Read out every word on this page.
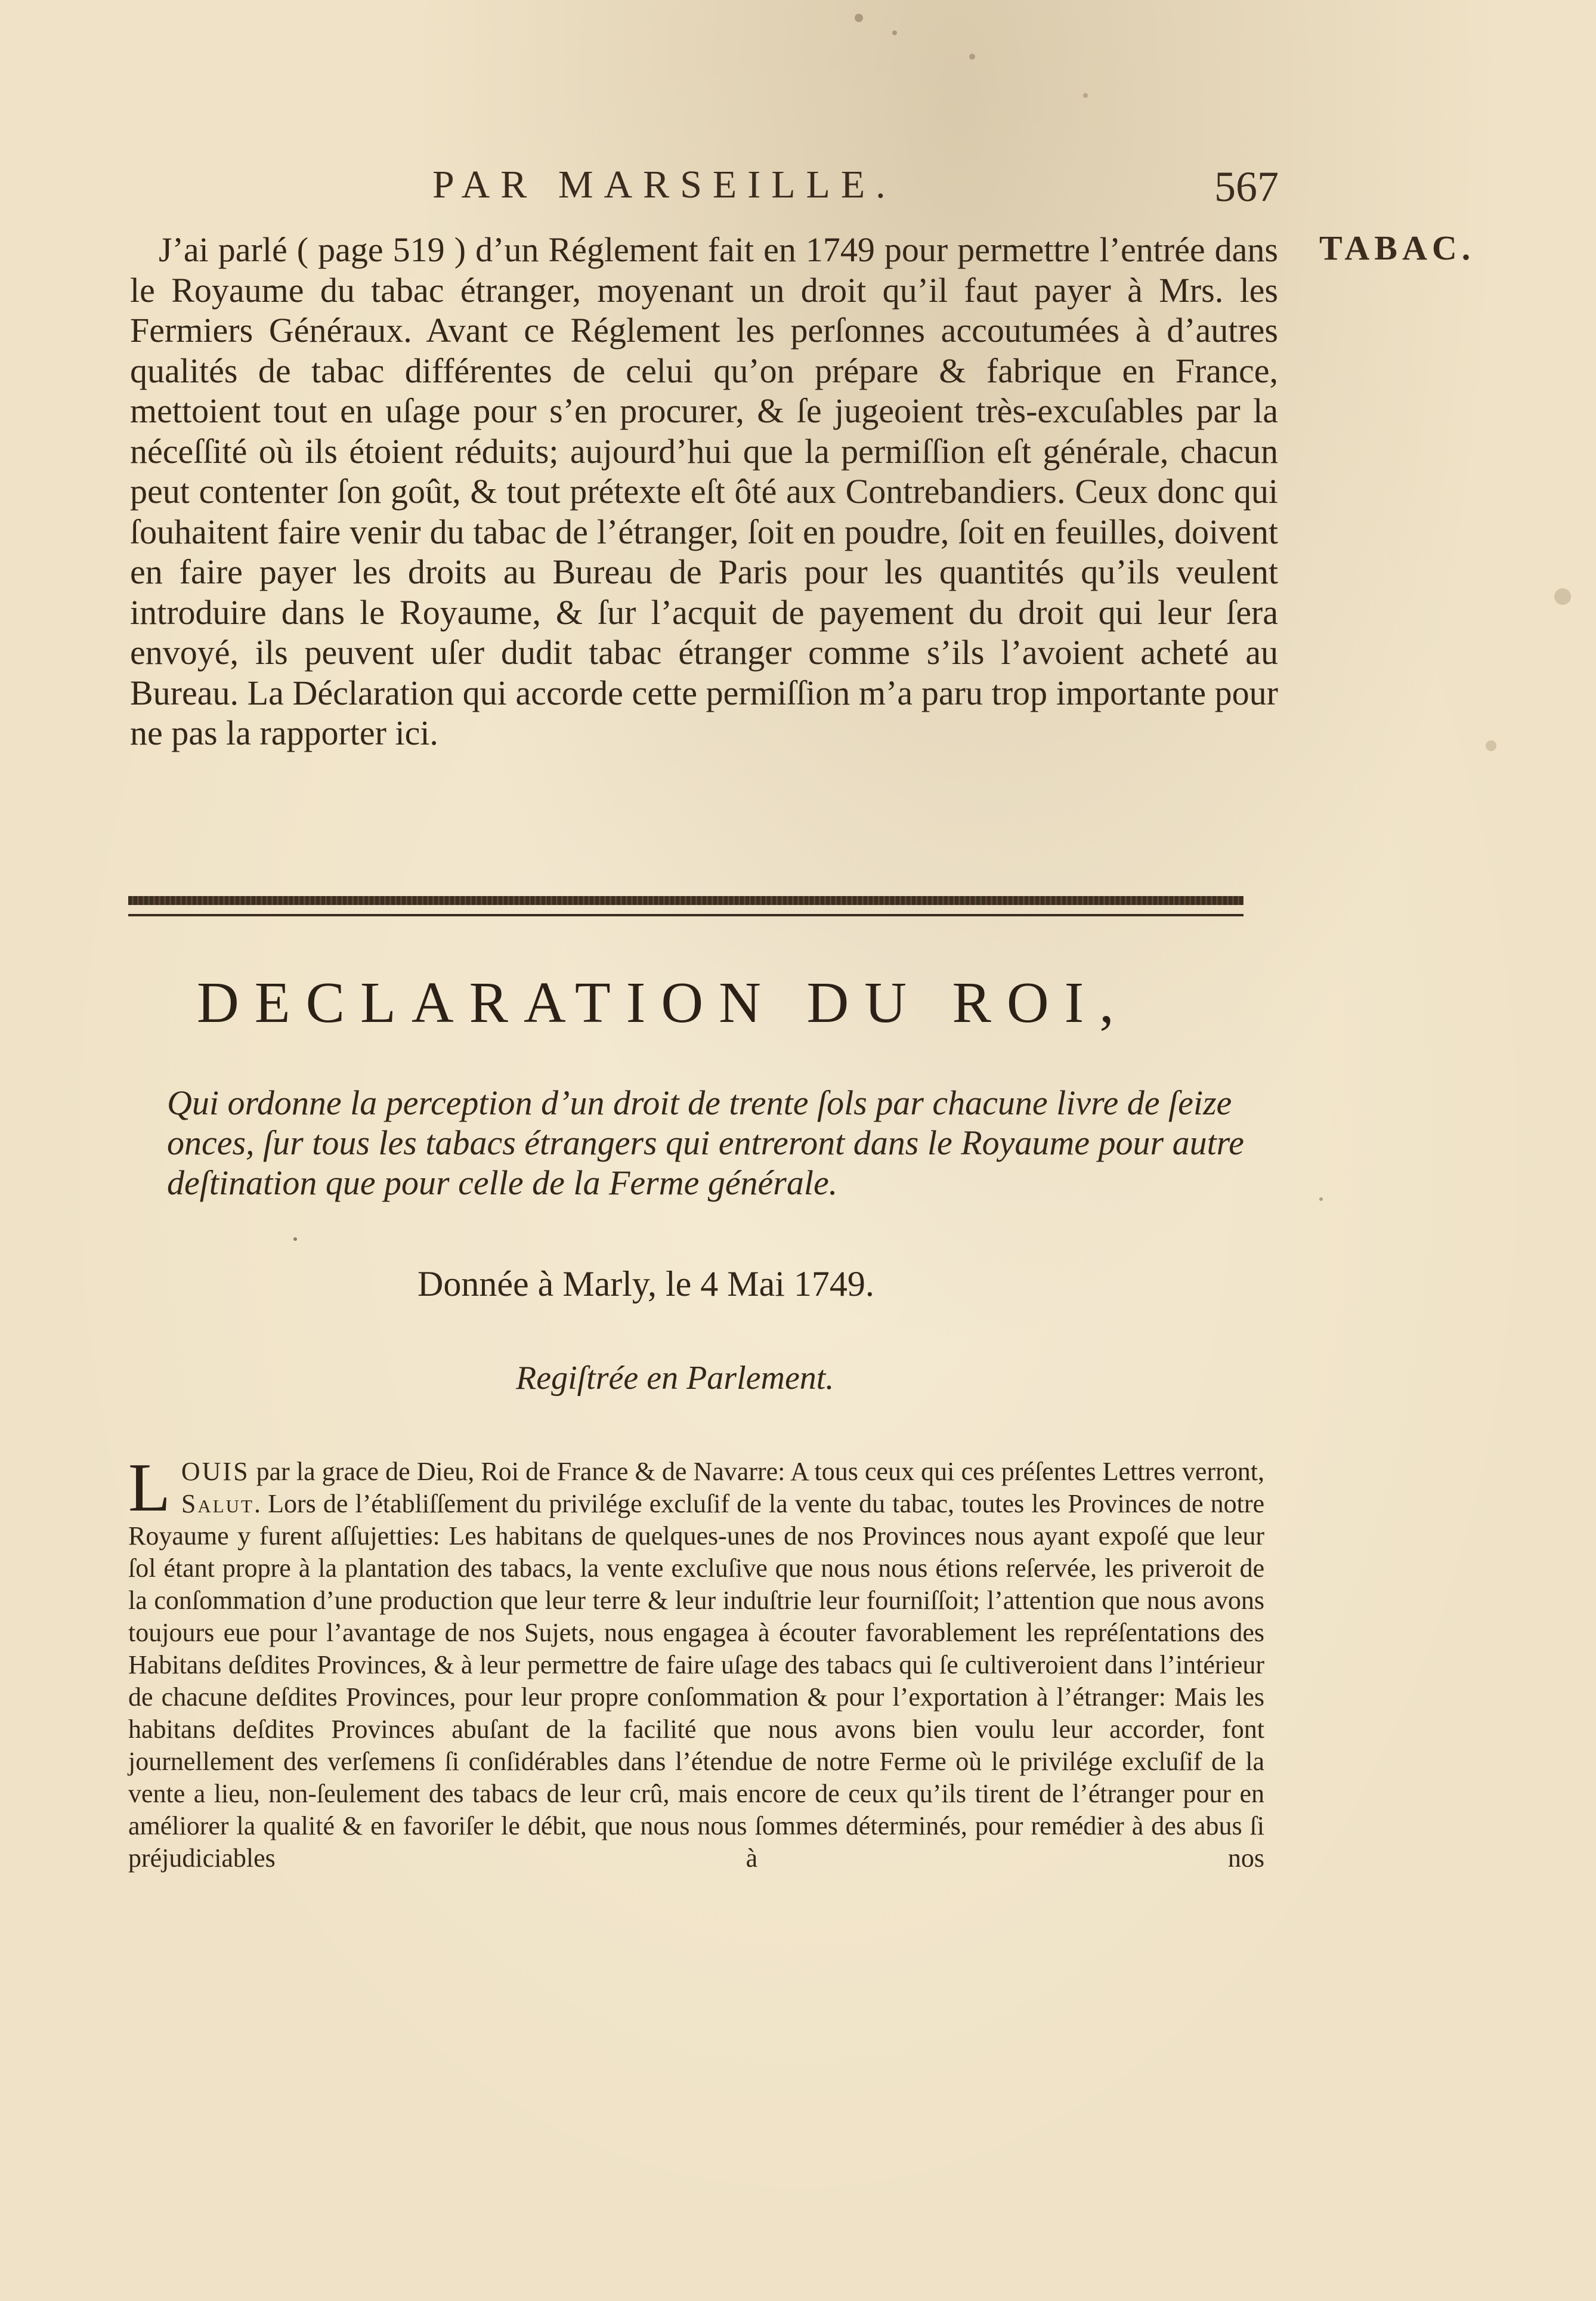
PAR MARSEILLE.	567
TABAC.

J’ai parlé ( page 519 ) d’un Réglement fait en 1749 pour permettre l’entrée dans le Royaume du tabac étranger, moyenant un droit qu’il faut payer à Mrs. les Fermiers Généraux. Avant ce Réglement les perſonnes accoutumées à d’autres qualités de tabac différentes de celui qu’on prépare & fabrique en France, mettoient tout en uſage pour s’en procurer, & ſe jugeoient très-excuſables par la néceſſité où ils étoient réduits; aujourd’hui que la permiſſion eſt générale, chacun peut contenter ſon goût, & tout prétexte eſt ôté aux Contrebandiers. Ceux donc qui ſouhaitent faire venir du tabac de l’étranger, ſoit en poudre, ſoit en feuilles, doivent en faire payer les droits au Bureau de Paris pour les quantités qu’ils veulent introduire dans le Royaume, & ſur l’acquit de payement du droit qui leur ſera envoyé, ils peuvent uſer dudit tabac étranger comme s’ils l’avoient acheté au Bureau. La Déclaration qui accorde cette permiſſion m’a paru trop importante pour ne pas la rapporter ici.

DECLARATION DU ROI,
Qui ordonne la perception d’un droit de trente ſols par chacune livre de ſeize onces, ſur tous les tabacs étrangers qui entreront dans le Royaume pour autre deſtination que pour celle de la Ferme générale.
Donnée à Marly, le 4 Mai 1749.
Regiſtrée en Parlement.
LOUIS par la grace de Dieu, Roi de France & de Navarre: A tous ceux qui ces préſentes Lettres verront, Salut. Lors de l’établiſſement du privilége excluſif de la vente du tabac, toutes les Provinces de notre Royaume y furent aſſujetties: Les habitans de quelques-unes de nos Provinces nous ayant expoſé que leur ſol étant propre à la plantation des tabacs, la vente excluſive que nous nous étions reſervée, les priveroit de la conſommation d’une production que leur terre & leur induſtrie leur fourniſſoit; l’attention que nous avons toujours eue pour l’avantage de nos Sujets, nous engagea à écouter favorablement les repréſentations des Habitans deſdites Provinces, & à leur permettre de faire uſage des tabacs qui ſe cultiveroient dans l’intérieur de chacune deſdites Provinces, pour leur propre conſommation & pour l’exportation à l’étranger: Mais les habitans deſdites Provinces abuſant de la facilité que nous avons bien voulu leur accorder, font journellement des verſemens ſi conſidérables dans l’étendue de notre Ferme où le privilége excluſif de la vente a lieu, non-ſeulement des tabacs de leur crû, mais encore de ceux qu’ils tirent de l’étranger pour en améliorer la qualité & en favoriſer le débit, que nous nous ſommes déterminés, pour remédier à des abus ſi préjudiciables à nos
